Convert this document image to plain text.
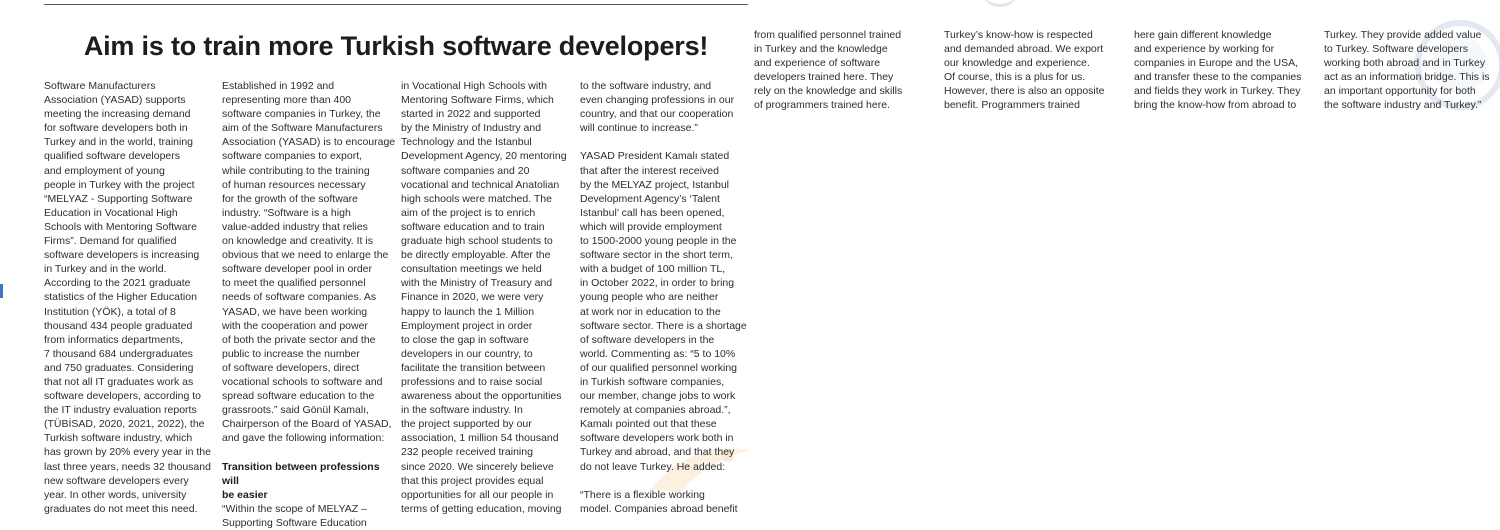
Aim is to train more Turkish software developers!

Software Manufacturers
Association (YASAD) supports
meeting the increasing demand
for software developers both in
Turkey and in the world, training
qualified software developers
and employment of young
people in Turkey with the project
“MELYAZ - Supporting Software
Education in Vocational High
Schools with Mentoring Software
Firms”. Demand for qualified
software developers is increasing
in Turkey and in the world.
According to the 2021 graduate
statistics of the Higher Education
Institution (YÖK), a total of 8
thousand 434 people graduated
from informatics departments,
7 thousand 684 undergraduates
and 750 graduates. Considering
that not all IT graduates work as
software developers, according to
the IT industry evaluation reports
(TÜBİSAD, 2020, 2021, 2022), the
Turkish software industry, which
has grown by 20% every year in the
last three years, needs 32 thousand
new software developers every
year. In other words, university
graduates do not meet this need.

Established in 1992 and
representing more than 400
software companies in Turkey, the
aim of the Software Manufacturers
Association (YASAD) is to encourage
software companies to export,
while contributing to the training
of human resources necessary
for the growth of the software
industry. “Software is a high
value-added industry that relies
on knowledge and creativity. It is
obvious that we need to enlarge the
software developer pool in order
to meet the qualified personnel
needs of software companies. As
YASAD, we have been working
with the cooperation and power
of both the private sector and the
public to increase the number
of software developers, direct
vocational schools to software and
spread software education to the
grassroots.” said Gönül Kamalı,
Chairperson of the Board of YASAD,
and gave the following information:

Transition between professions will
be easier

“Within the scope of MELYAZ –
Supporting Software Education

in Vocational High Schools with
Mentoring Software Firms, which
started in 2022 and supported
by the Ministry of Industry and
Technology and the Istanbul
Development Agency, 20 mentoring
software companies and 20
vocational and technical Anatolian
high schools were matched. The
aim of the project is to enrich
software education and to train
graduate high school students to
be directly employable. After the
consultation meetings we held
with the Ministry of Treasury and
Finance in 2020, we were very
happy to launch the 1 Million
Employment project in order
to close the gap in software
developers in our country, to
facilitate the transition between
professions and to raise social
awareness about the opportunities
in the software industry. In
the project supported by our
association, 1 million 54 thousand
232 people received training
since 2020. We sincerely believe
that this project provides equal
opportunities for all our people in
terms of getting education, moving

to the software industry, and
even changing professions in our
country, and that our cooperation
will continue to increase.”

YASAD President Kamalı stated
that after the interest received
by the MELYAZ project, Istanbul
Development Agency’s ‘Talent
Istanbul’ call has been opened,
which will provide employment
to 1500-2000 young people in the
software sector in the short term,
with a budget of 100 million TL,
in October 2022, in order to bring
young people who are neither
at work nor in education to the
software sector. There is a shortage
of software developers in the
world. Commenting as: “5 to 10%
of our qualified personnel working
in Turkish software companies,
our member, change jobs to work
remotely at companies abroad.”,
Kamalı pointed out that these
software developers work both in
Turkey and abroad, and that they
do not leave Turkey. He added:

“There is a flexible working
model. Companies abroad benefit

from qualified personnel trained
in Turkey and the knowledge
and experience of software
developers trained here. They
rely on the knowledge and skills
of programmers trained here.

Turkey’s know-how is respected
and demanded abroad. We export
our knowledge and experience.
Of course, this is a plus for us.
However, there is also an opposite
benefit. Programmers trained

here gain different knowledge
and experience by working for
companies in Europe and the USA,
and transfer these to the companies
and fields they work in Turkey. They
bring the know-how from abroad to

Turkey. They provide added value
to Turkey. Software developers
working both abroad and in Turkey
act as an information bridge. This is
an important opportunity for both
the software industry and Turkey.”
